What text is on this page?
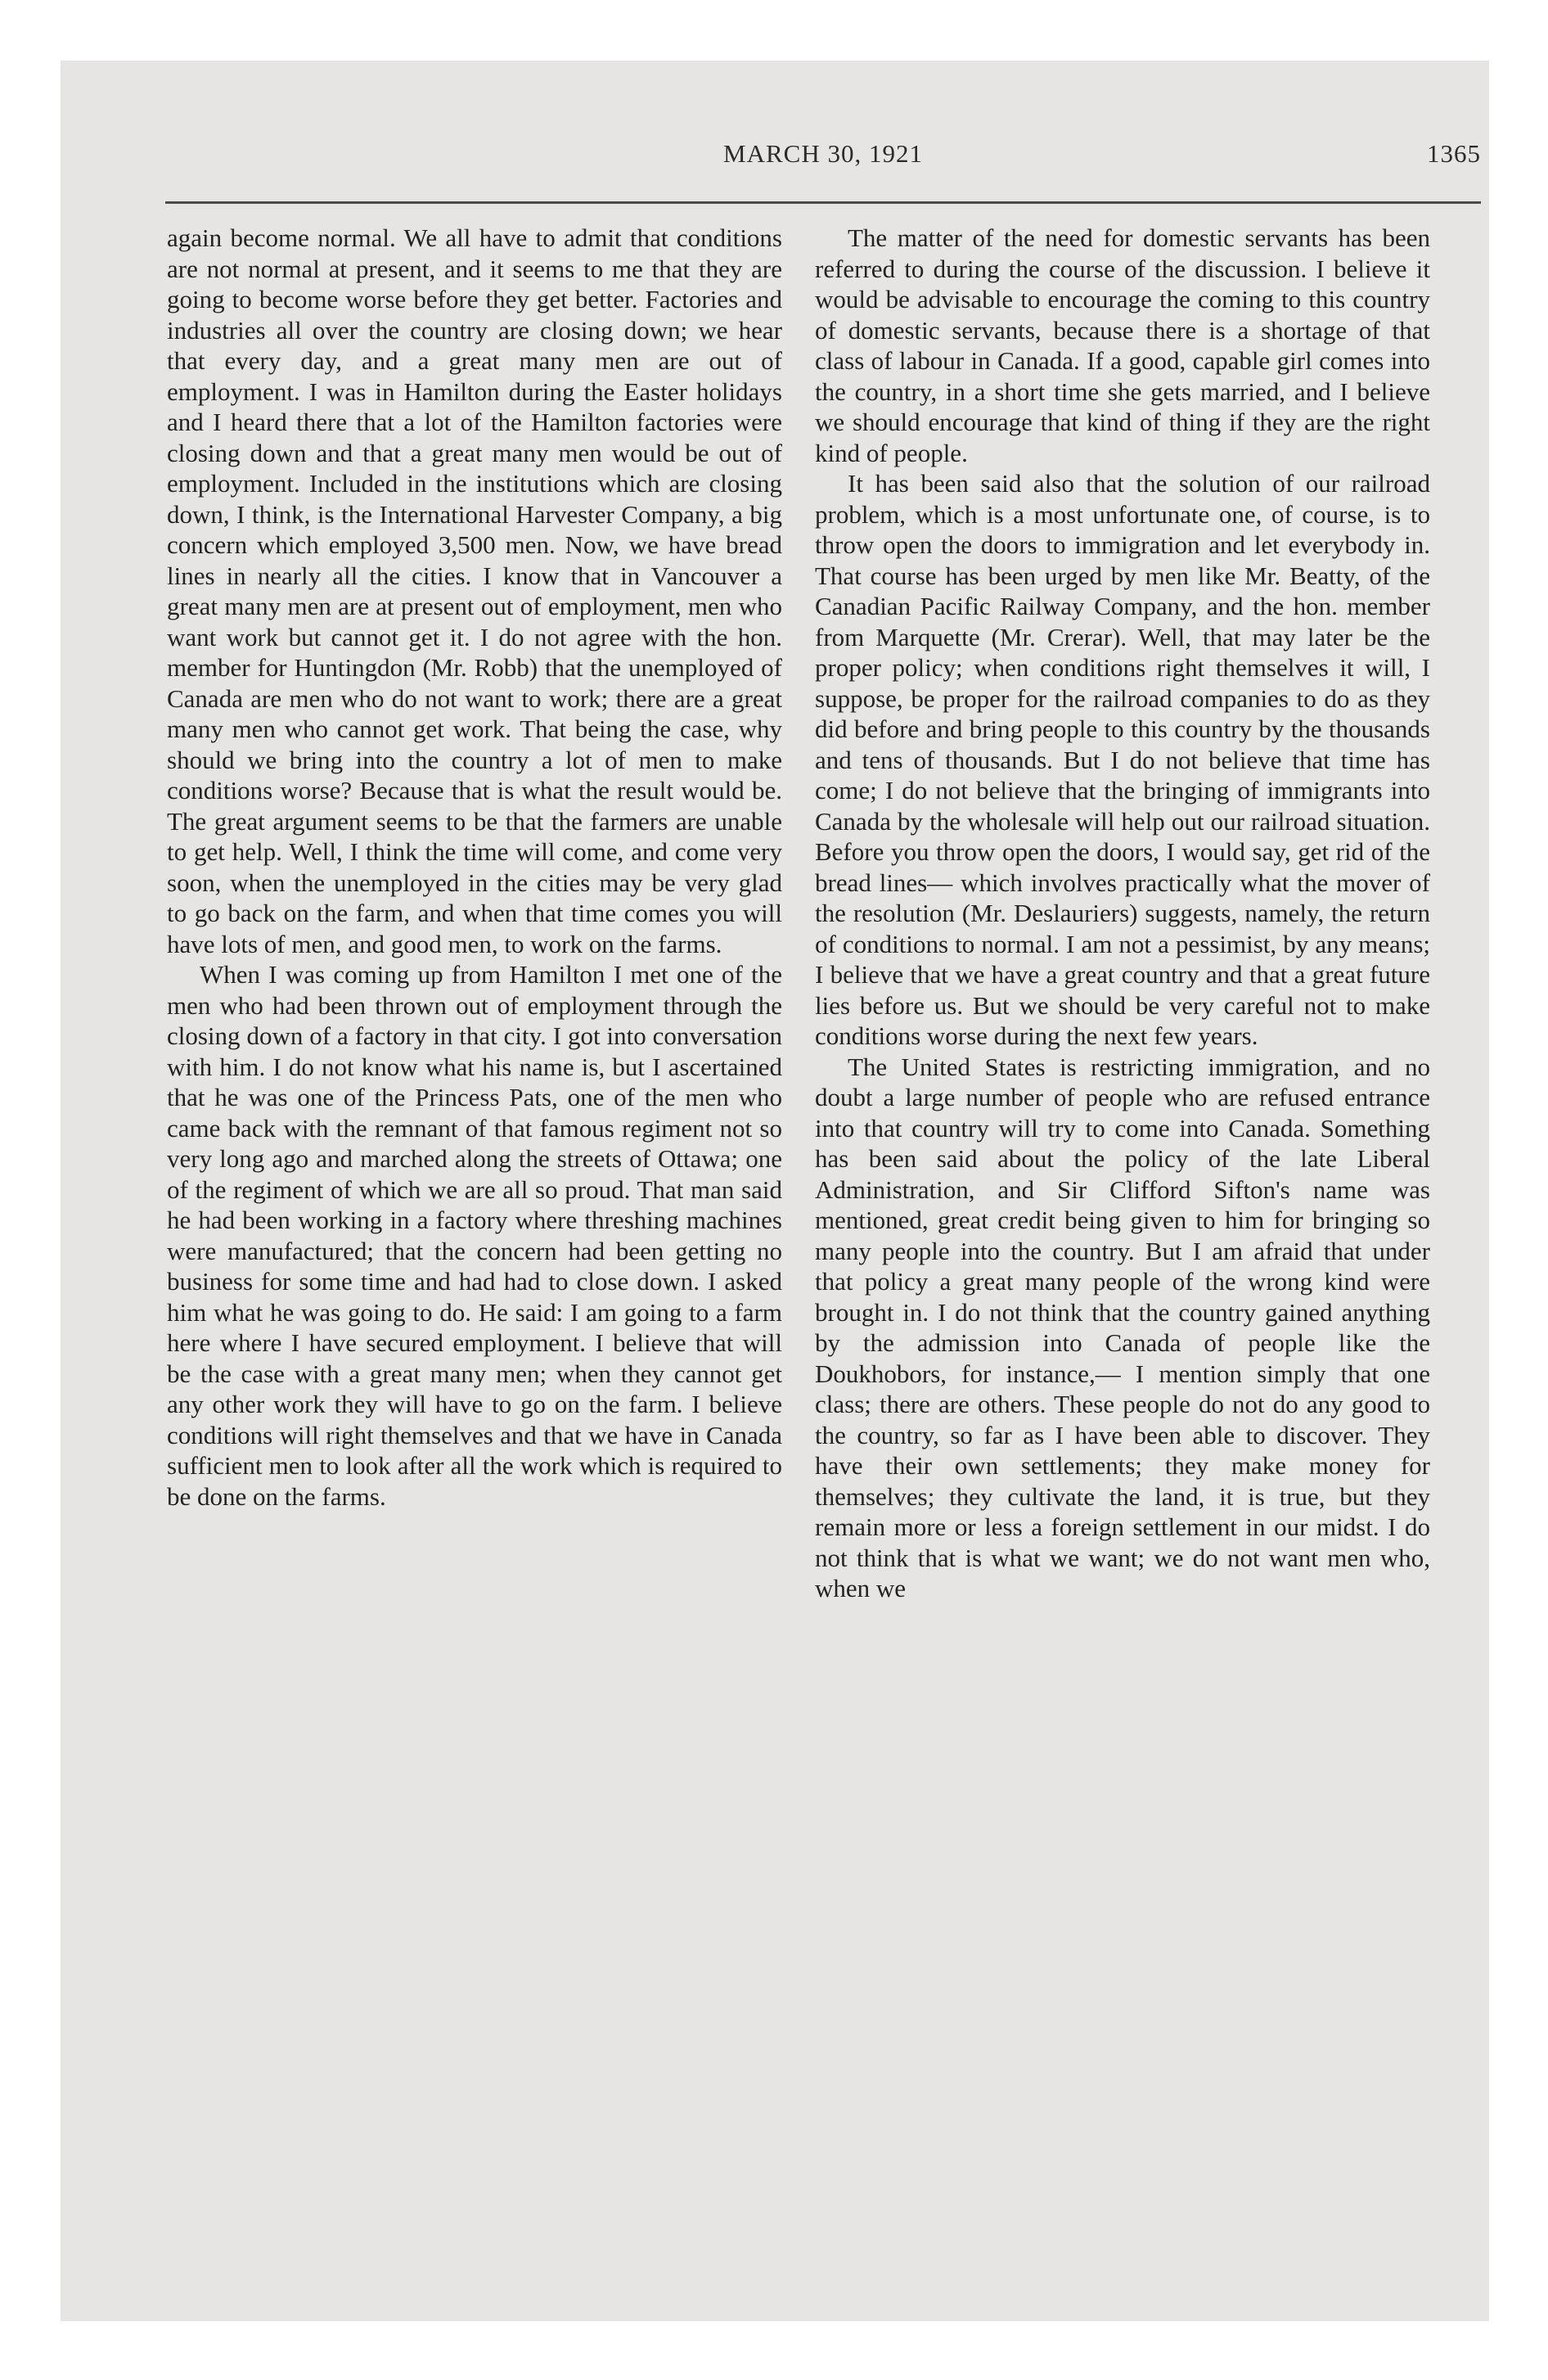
MARCH 30, 1921	1365

again become normal. We all have to admit that conditions are not normal at present, and it seems to me that they are going to become worse before they get better. Factories and industries all over the country are closing down; we hear that every day, and a great many men are out of employment. I was in Hamilton during the Easter holidays and I heard there that a lot of the Hamilton factories were closing down and that a great many men would be out of employment. Included in the institutions which are closing down, I think, is the International Harvester Company, a big concern which employed 3,500 men. Now, we have bread lines in nearly all the cities. I know that in Vancouver a great many men are at present out of employment, men who want work but cannot get it. I do not agree with the hon. member for Huntingdon (Mr. Robb) that the unemployed of Canada are men who do not want to work; there are a great many men who cannot get work. That being the case, why should we bring into the country a lot of men to make conditions worse? Because that is what the result would be. The great argument seems to be that the farmers are unable to get help. Well, I think the time will come, and come very soon, when the unemployed in the cities may be very glad to go back on the farm, and when that time comes you will have lots of men, and good men, to work on the farms.

When I was coming up from Hamilton I met one of the men who had been thrown out of employment through the closing down of a factory in that city. I got into conversation with him. I do not know what his name is, but I ascertained that he was one of the Princess Pats, one of the men who came back with the remnant of that famous regiment not so very long ago and marched along the streets of Ottawa; one of the regiment of which we are all so proud. That man said he had been working in a factory where threshing machines were manufactured; that the concern had been getting no business for some time and had had to close down. I asked him what he was going to do. He said: I am going to a farm here where I have secured employment. I believe that will be the case with a great many men; when they cannot get any other work they will have to go on the farm. I believe conditions will right themselves and that we have in Canada sufficient men to look after all the work which is required to be done on the farms.

The matter of the need for domestic servants has been referred to during the course of the discussion. I believe it would be advisable to encourage the coming to this country of domestic servants, because there is a shortage of that class of labour in Canada. If a good, capable girl comes into the country, in a short time she gets married, and I believe we should encourage that kind of thing if they are the right kind of people.

It has been said also that the solution of our railroad problem, which is a most unfortunate one, of course, is to throw open the doors to immigration and let everybody in. That course has been urged by men like Mr. Beatty, of the Canadian Pacific Railway Company, and the hon. member from Marquette (Mr. Crerar). Well, that may later be the proper policy; when conditions right themselves it will, I suppose, be proper for the railroad companies to do as they did before and bring people to this country by the thousands and tens of thousands. But I do not believe that time has come; I do not believe that the bringing of immigrants into Canada by the wholesale will help out our railroad situation. Before you throw open the doors, I would say, get rid of the bread lines— which involves practically what the mover of the resolution (Mr. Deslauriers) suggests, namely, the return of conditions to normal. I am not a pessimist, by any means; I believe that we have a great country and that a great future lies before us. But we should be very careful not to make conditions worse during the next few years.

The United States is restricting immigration, and no doubt a large number of people who are refused entrance into that country will try to come into Canada. Something has been said about the policy of the late Liberal Administration, and Sir Clifford Sifton's name was mentioned, great credit being given to him for bringing so many people into the country. But I am afraid that under that policy a great many people of the wrong kind were brought in. I do not think that the country gained anything by the admission into Canada of people like the Doukhobors, for instance,— I mention simply that one class; there are others. These people do not do any good to the country, so far as I have been able to discover. They have their own settlements; they make money for themselves; they cultivate the land, it is true, but they remain more or less a foreign settlement in our midst. I do not think that is what we want; we do not want men who, when we
